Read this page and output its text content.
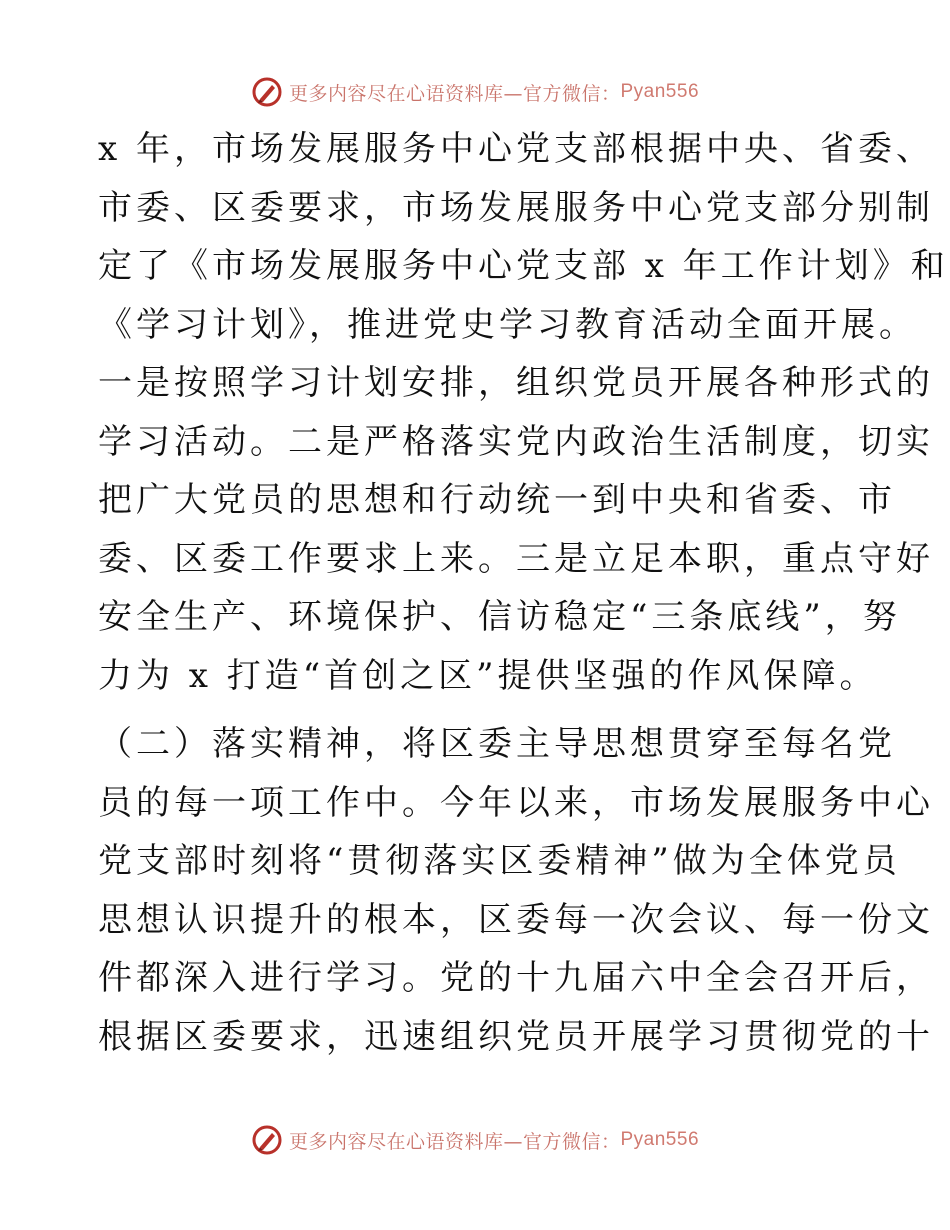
更多内容尽在心语资料库—官方微信： Pyan556

x 年，市场发展服务中心党支部根据中央、省委、
市委、区委要求，市场发展服务中心党支部分别制
定了《市场发展服务中心党支部 x 年工作计划》和
《学习计划》，推进党史学习教育活动全面开展。
一是按照学习计划安排，组织党员开展各种形式的
学习活动。二是严格落实党内政治生活制度，切实
把广大党员的思想和行动统一到中央和省委、市
委、区委工作要求上来。三是立足本职，重点守好
安全生产、环境保护、信访稳定“三条底线”，努
力为 x 打造“首创之区”提供坚强的作风保障。

（二）落实精神，将区委主导思想贯穿至每名党
员的每一项工作中。今年以来，市场发展服务中心
党支部时刻将“贯彻落实区委精神”做为全体党员
思想认识提升的根本，区委每一次会议、每一份文
件都深入进行学习。党的十九届六中全会召开后，
根据区委要求，迅速组织党员开展学习贯彻党的十

更多内容尽在心语资料库—官方微信： Pyan556
